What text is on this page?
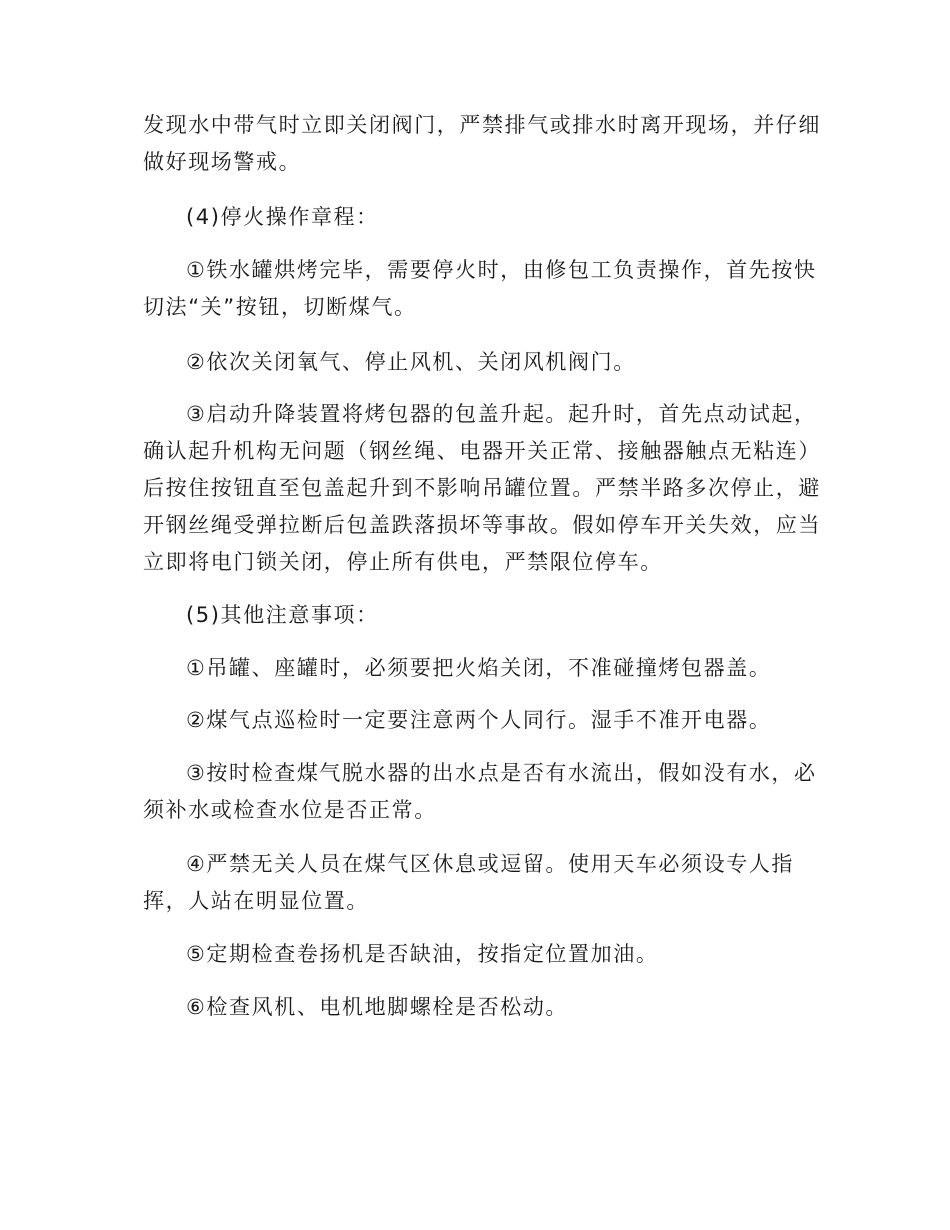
发现水中带气时立即关闭阀门，严禁排气或排水时离开现场，并仔细
做好现场警戒。
(4)停火操作章程：
①铁水罐烘烤完毕，需要停火时，由修包工负责操作，首先按快
切法“关”按钮，切断煤气。
②依次关闭氧气、停止风机、关闭风机阀门。
③启动升降装置将烤包器的包盖升起。起升时，首先点动试起，
确认起升机构无问题（钢丝绳、电器开关正常、接触器触点无粘连）
后按住按钮直至包盖起升到不影响吊罐位置。严禁半路多次停止，避
开钢丝绳受弹拉断后包盖跌落损坏等事故。假如停车开关失效，应当
立即将电门锁关闭，停止所有供电，严禁限位停车。
(5)其他注意事项：
①吊罐、座罐时，必须要把火焰关闭，不准碰撞烤包器盖。
②煤气点巡检时一定要注意两个人同行。湿手不准开电器。
③按时检查煤气脱水器的出水点是否有水流出，假如没有水，必
须补水或检查水位是否正常。
④严禁无关人员在煤气区休息或逗留。使用天车必须设专人指
挥，人站在明显位置。
⑤定期检查卷扬机是否缺油，按指定位置加油。
⑥检查风机、电机地脚螺栓是否松动。
